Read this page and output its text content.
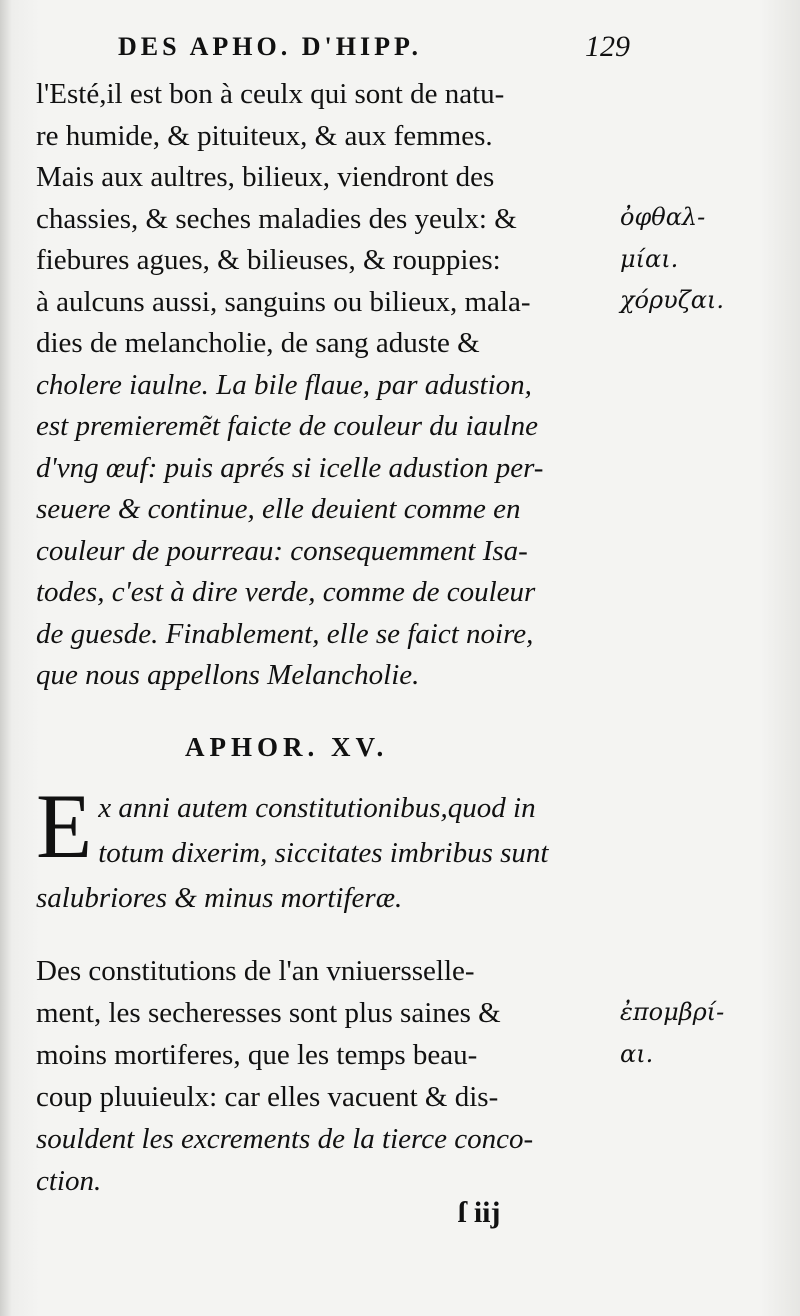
DES APHO. D'HIPP.	129
l'Esté,il est bon à ceulx qui sont de natu-
re humide, & pituiteux, & aux femmes.
Mais aux aultres, bilieux, viendront des
chassies, & seches maladies des yeulx: &
fiebures agues, & bilieuses, & rouppies:
à aulcuns aussi, sanguins ou bilieux, mala-
dies de melancholie, de sang aduste &
cholere iaulne. La bile flaue, par adustion,
est premieremẽt faicte de couleur du iaulne
d'vng œuf: puis aprés si icelle adustion per-
seuere & continue, elle deuient comme en
couleur de pourreau: consequemment Isa-
todes, c'est à dire verde, comme de couleur
de guesde. Finablement, elle se faict noire,
que nous appellons Melancholie.
ὀφθαλ-
μίαι.
χόρυζαι.
APHOR. XV.
E x anni autem constitutionibus,quod in
totum dixerim, siccitates imbribus sunt
salubriores & minus mortiferæ.
Des constitutions de l'an vniuersselle-
ment, les secheresses sont plus saines &
moins mortiferes, que les temps beau-
coup pluuieulx: car elles vacuent & dis-
souldent les excrements de la tierce conco-
ction.
ἐπομβρί-
αι.
ſ iij
